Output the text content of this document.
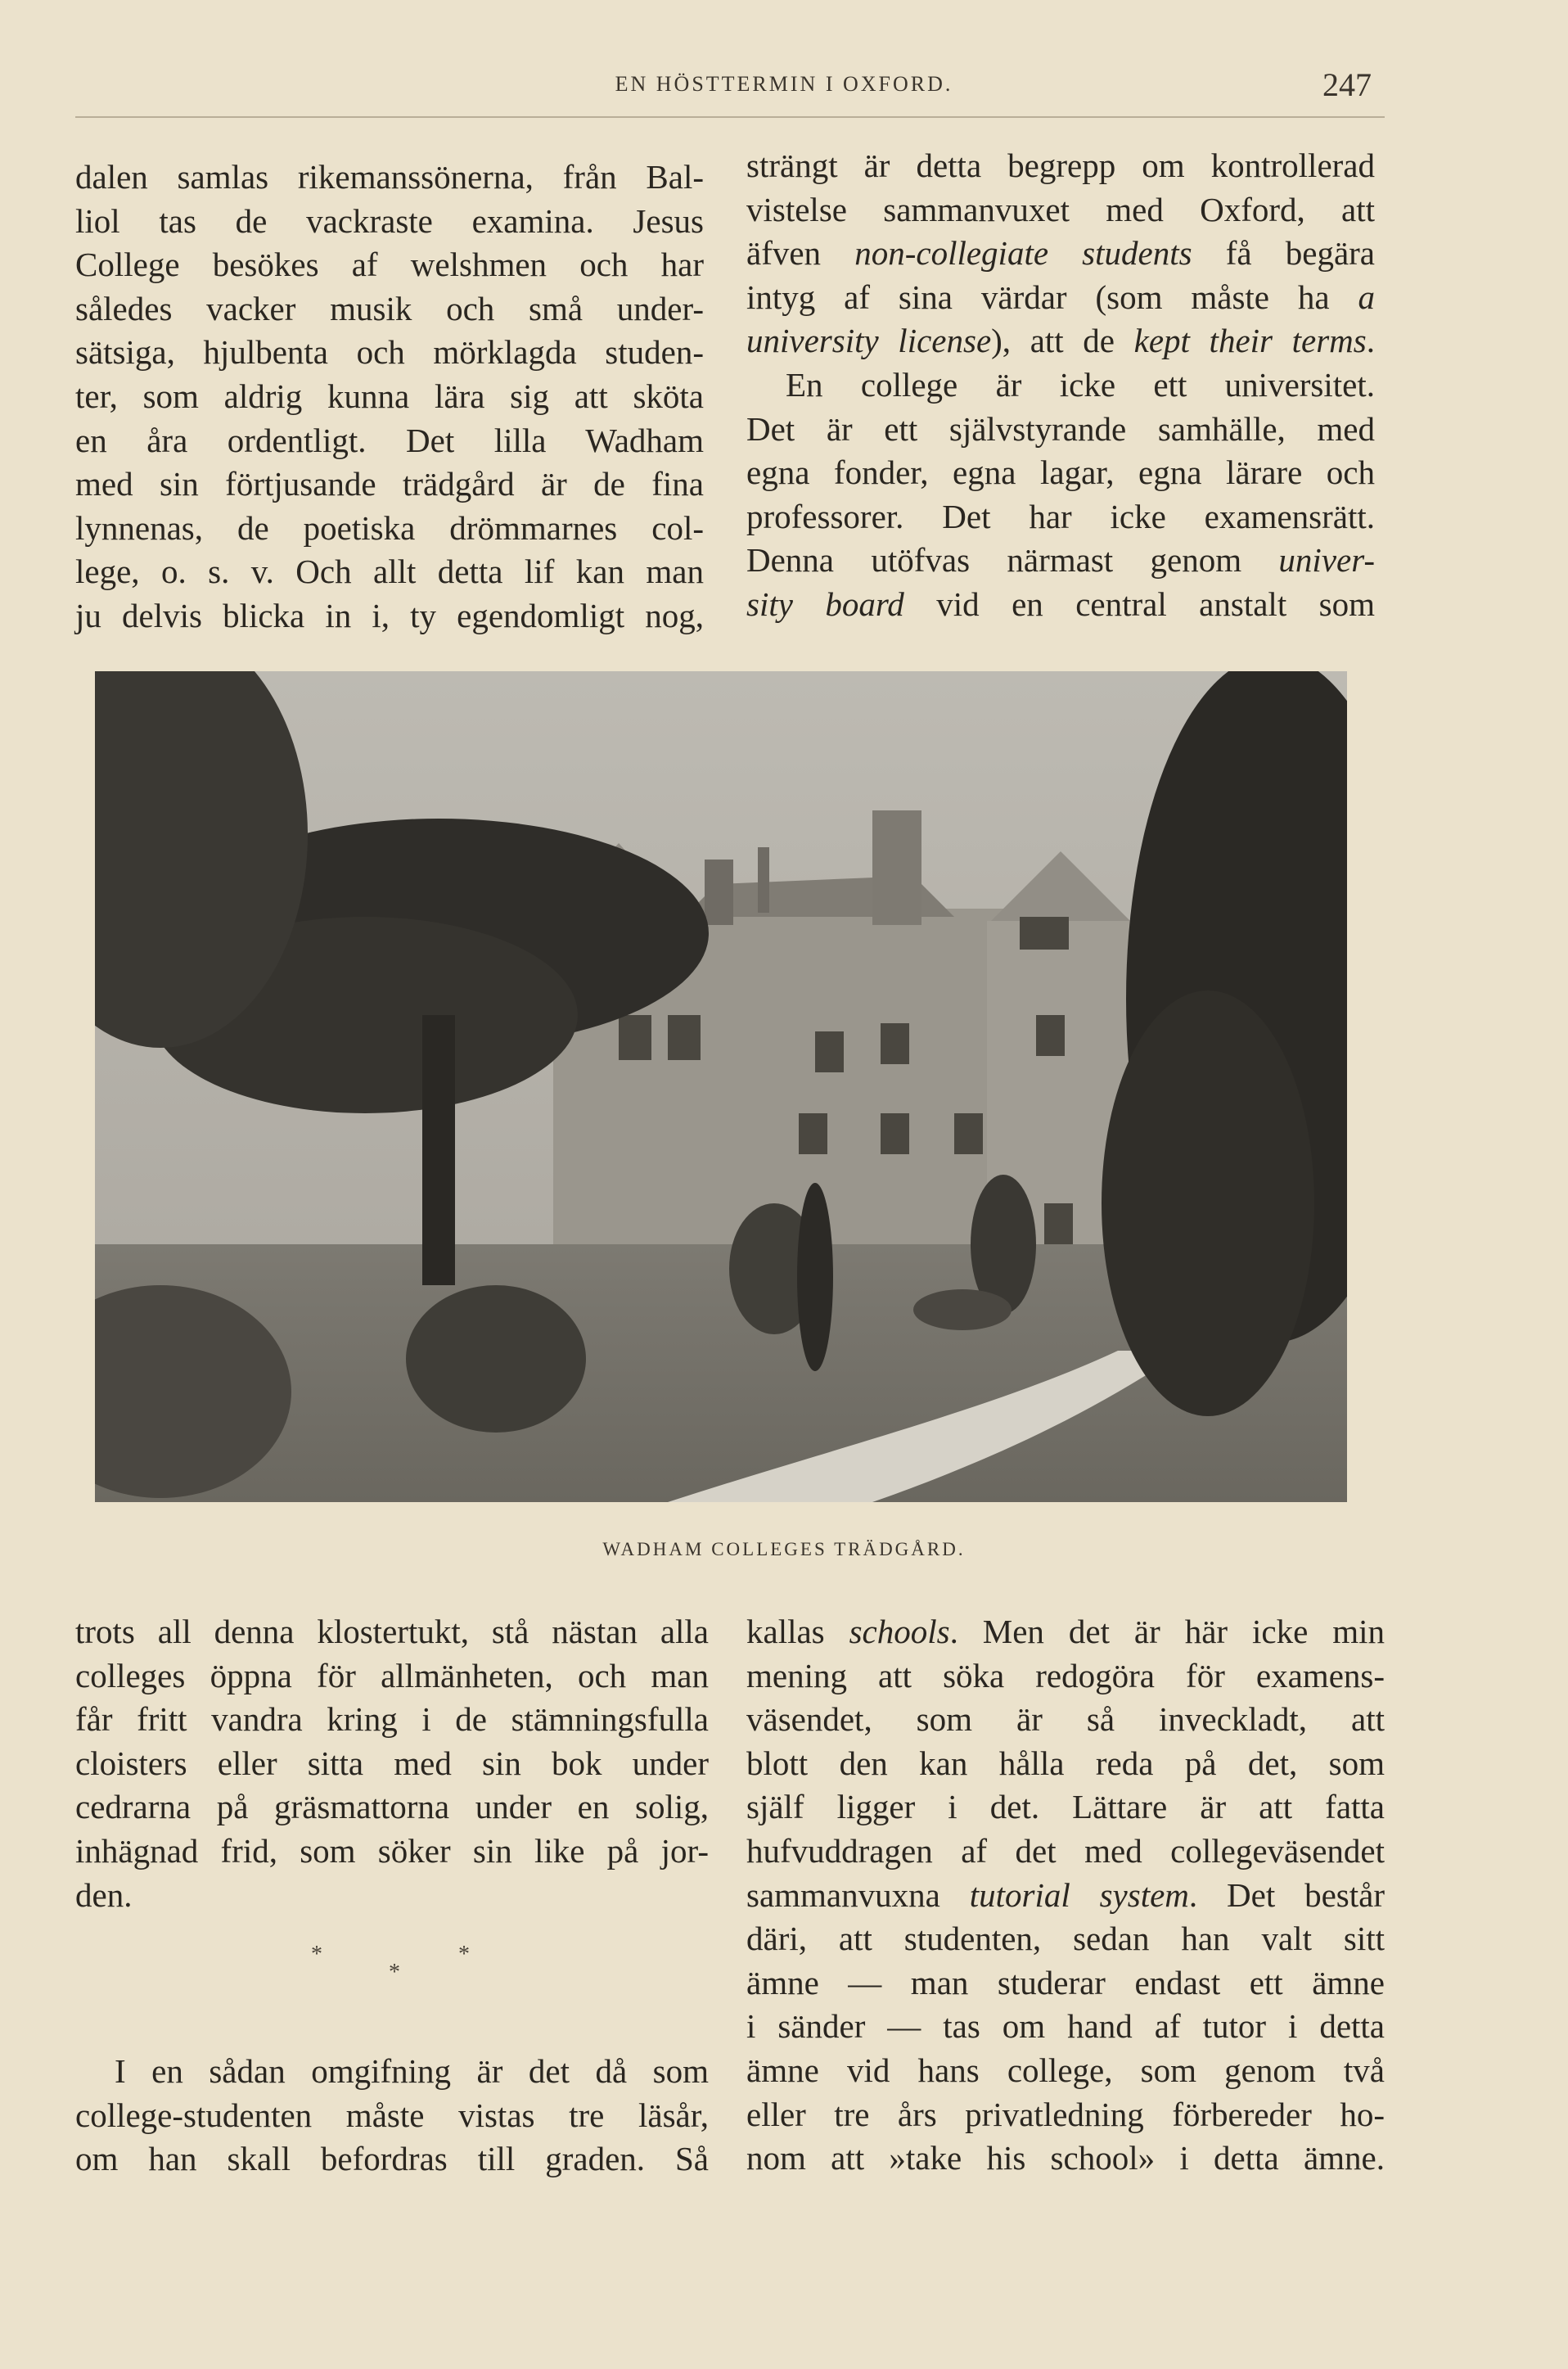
EN HÖSTTERMIN I OXFORD.	247
dalen samlas rikemanssönerna, från Bal-
liol tas de vackraste examina. Jesus
College besökes af welshmen och har
således vacker musik och små under-
sätsiga, hjulbenta och mörklagda studen-
ter, som aldrig kunna lära sig att sköta
en åra ordentligt. Det lilla Wadham
med sin förtjusande trädgård är de fina
lynnenas, de poetiska drömmarnes col-
lege, o. s. v. Och allt detta lif kan man
ju delvis blicka in i, ty egendomligt nog,
strängt är detta begrepp om kontrollerad
vistelse sammanvuxet med Oxford, att
äfven non-collegiate students få begära
intyg af sina värdar (som måste ha a
university license), att de kept their terms.
En college är icke ett universitet.
Det är ett självstyrande samhälle, med
egna fonder, egna lagar, egna lärare och
professorer. Det har icke examensrätt.
Denna utöfvas närmast genom univer-
sity board vid en central anstalt som
WADHAM COLLEGES TRÄDGÅRD.
trots all denna klostertukt, stå nästan alla
colleges öppna för allmänheten, och man
får fritt vandra kring i de stämningsfulla
cloisters eller sitta med sin bok under
cedrarna på gräsmattorna under en solig,
inhägnad frid, som söker sin like på jor-
den.
*
*
*
I en sådan omgifning är det då som
college-studenten måste vistas tre läsår,
om han skall befordras till graden. Så
kallas schools. Men det är här icke min
mening att söka redogöra för examens-
väsendet, som är så inveckladt, att
blott den kan hålla reda på det, som
själf ligger i det. Lättare är att fatta
hufvuddragen af det med collegeväsendet
sammanvuxna tutorial system. Det består
däri, att studenten, sedan han valt sitt
ämne — man studerar endast ett ämne
i sänder — tas om hand af tutor i detta
ämne vid hans college, som genom två
eller tre års privatledning förbereder ho-
nom att »take his school» i detta ämne.
